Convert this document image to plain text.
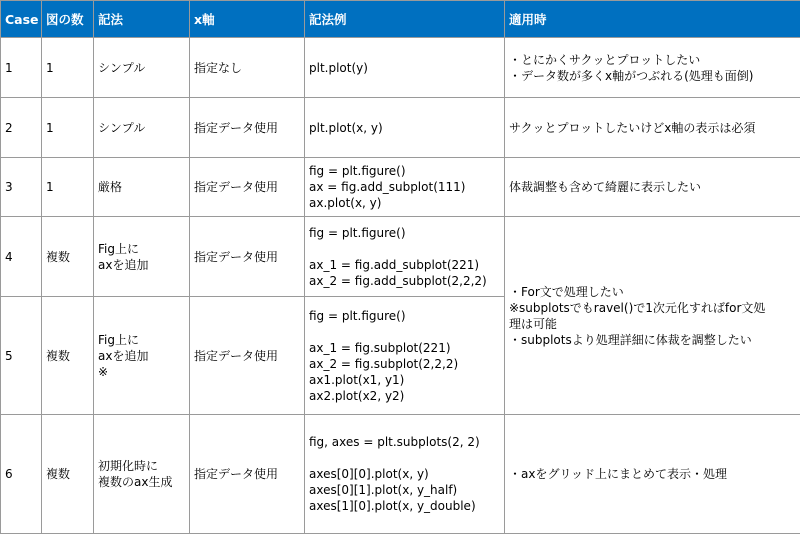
Case	図の数	記法	x軸	記法例	適用時
1	1	シンプル	指定なし	plt.plot(y)	・とにかくサクッとプロットしたい
・データ数が多くx軸がつぶれる(処理も面倒)

2	1	シンプル	指定データ使用	plt.plot(x, y)	サクッとプロットしたいけどx軸の表示は必須

3	1	厳格	指定データ使用	fig = plt.figure()
ax = fig.add_subplot(111)
ax.plot(x, y)	体裁調整も含めて綺麗に表示したい

4	複数	Fig上に
axを追加	指定データ使用	fig = plt.figure()
ax_1 = fig.add_subplot(221)
ax_2 = fig.add_subplot(2,2,2)	・For文で処理したい
※subplotsでもravel()で1次元化すればfor文処
理は可能
・subplotsより処理詳細に体裁を調整したい

5	複数	Fig上に
axを追加
※	指定データ使用	fig = plt.figure()
ax_1 = fig.subplot(221)
ax_2 = fig.subplot(2,2,2)
ax1.plot(x1, y1)
ax2.plot(x2, y2)	

6	複数	初期化時に
複数のax生成	指定データ使用	fig, axes = plt.subplots(2, 2)
axes[0][0].plot(x, y)
axes[0][1].plot(x, y_half)
axes[1][0].plot(x, y_double)	・axをグリッド上にまとめて表示・処理
